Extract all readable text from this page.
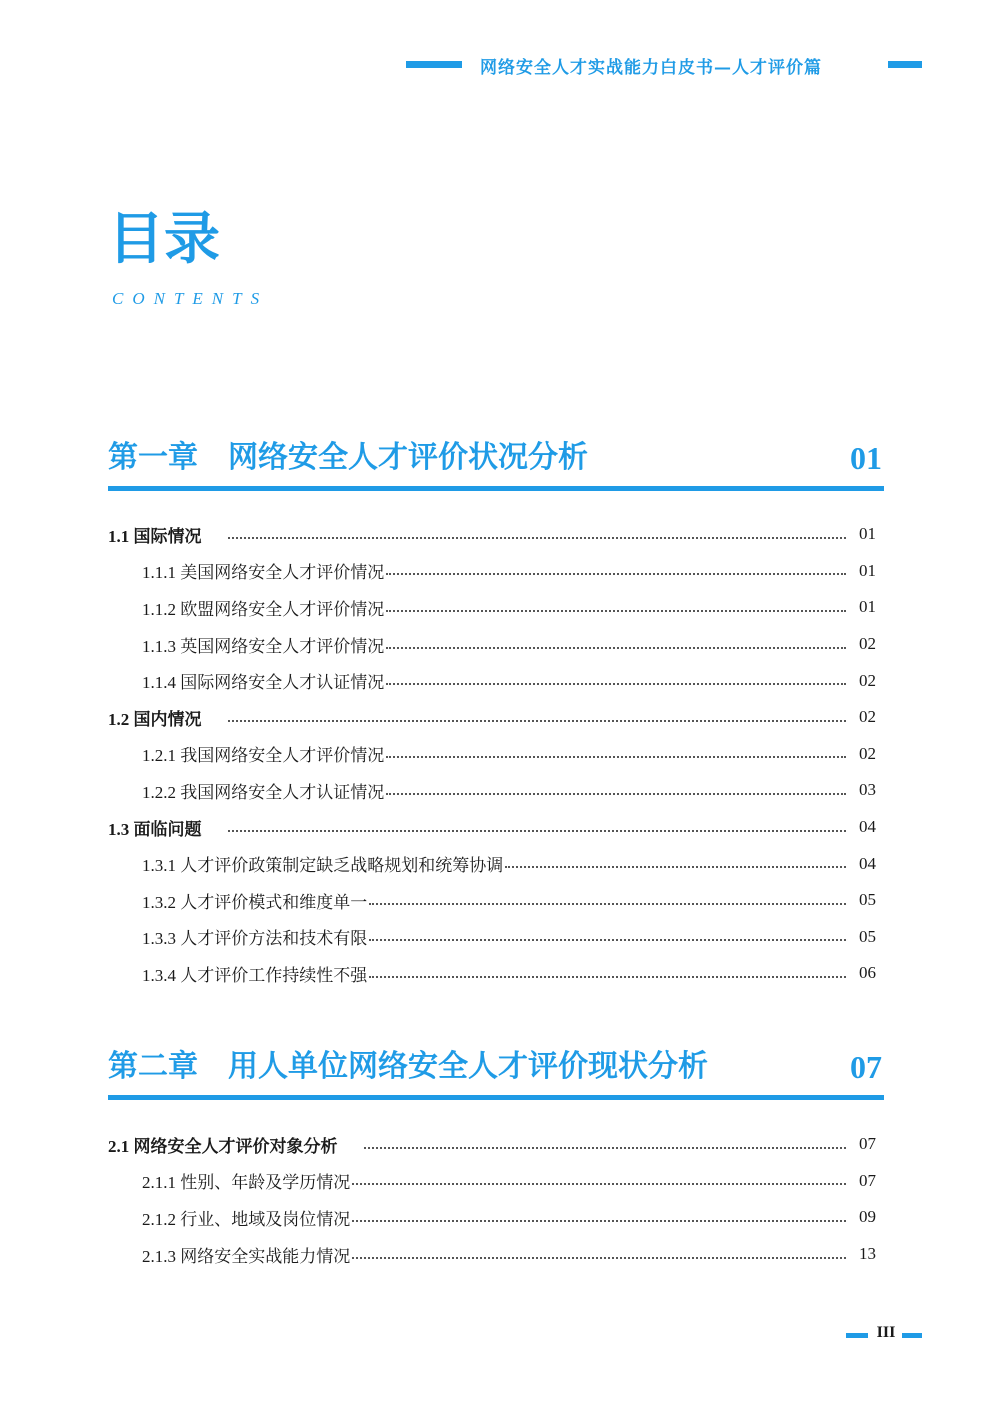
网络安全人才实战能力白皮书—人才评价篇
目录
CONTENTS
第一章　网络安全人才评价状况分析	01
1.1 国际情况	01
1.1.1 美国网络安全人才评价情况	01
1.1.2 欧盟网络安全人才评价情况	01
1.1.3 英国网络安全人才评价情况	02
1.1.4 国际网络安全人才认证情况	02
1.2 国内情况	02
1.2.1 我国网络安全人才评价情况	02
1.2.2 我国网络安全人才认证情况	03
1.3 面临问题	04
1.3.1 人才评价政策制定缺乏战略规划和统筹协调	04
1.3.2 人才评价模式和维度单一	05
1.3.3 人才评价方法和技术有限	05
1.3.4 人才评价工作持续性不强	06
第二章　用人单位网络安全人才评价现状分析	07
2.1 网络安全人才评价对象分析	07
2.1.1 性别、年龄及学历情况	07
2.1.2 行业、地域及岗位情况	09
2.1.3 网络安全实战能力情况	13
III
